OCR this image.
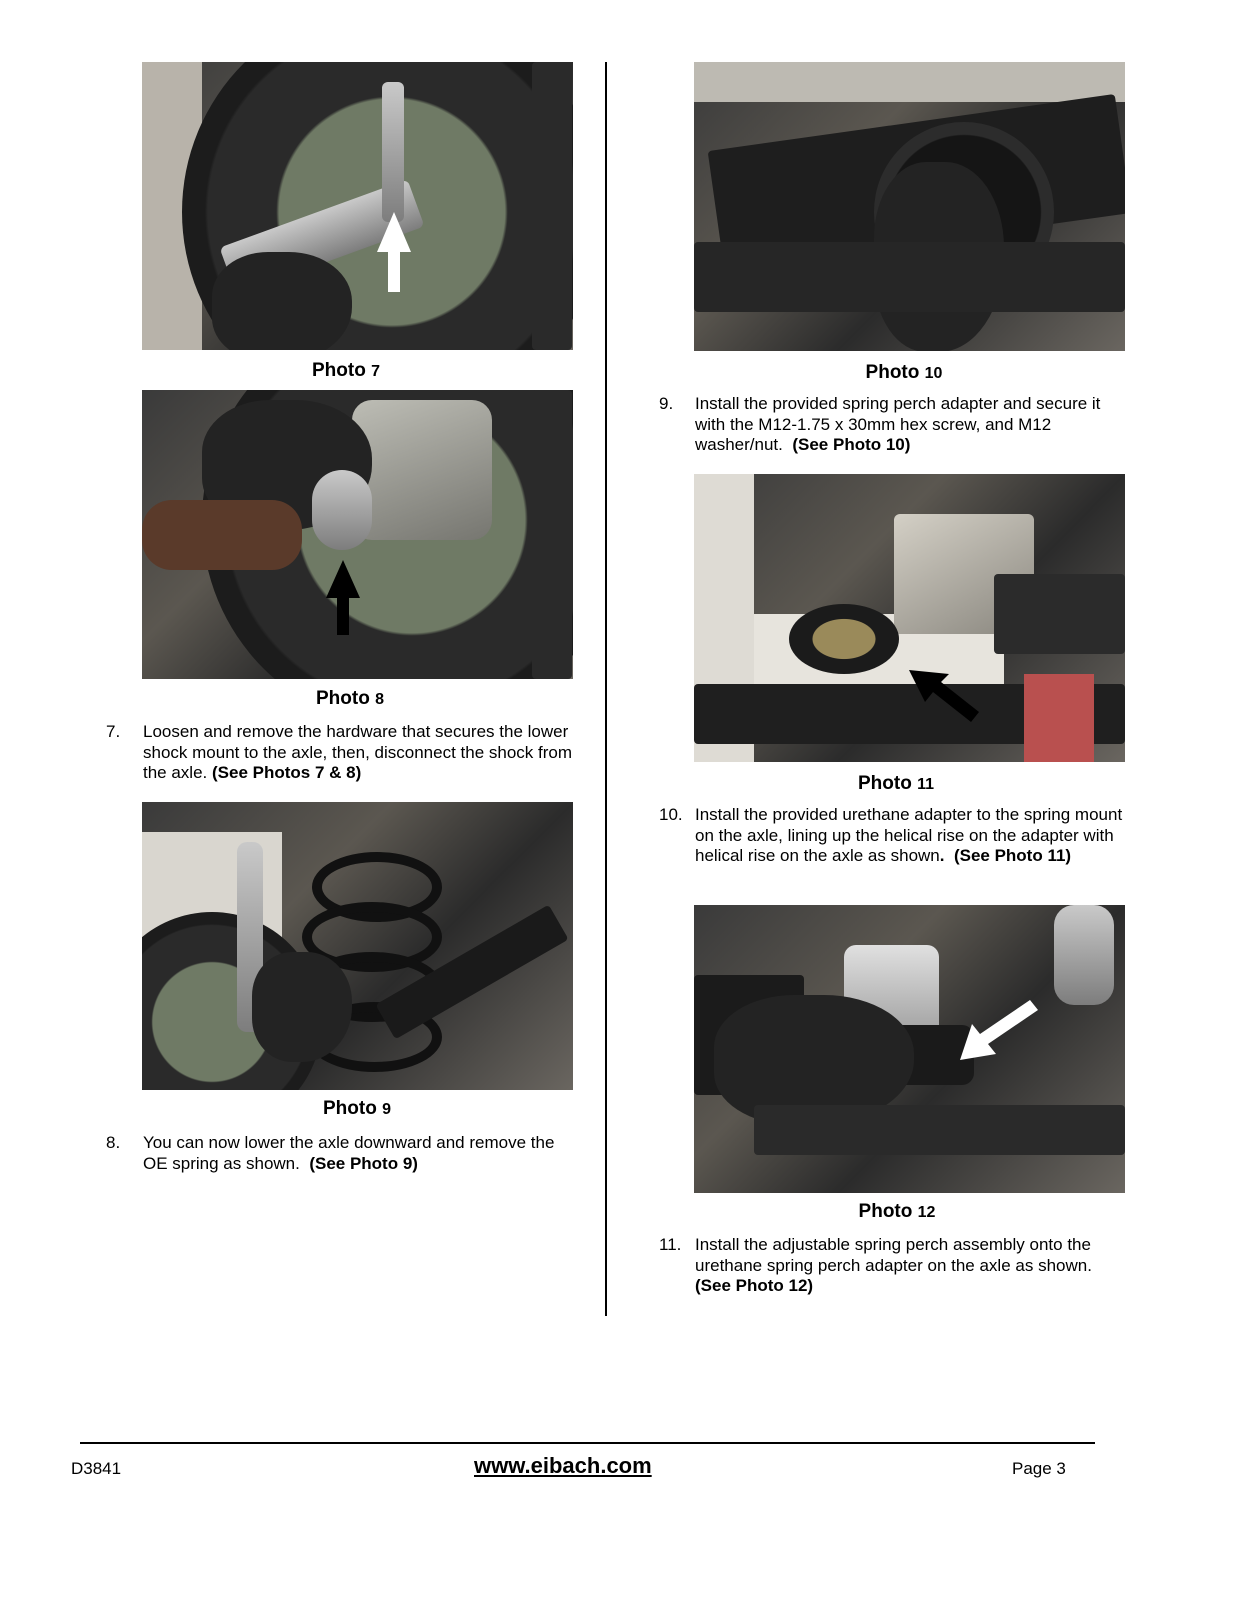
Photo 7
Photo 8
7. Loosen and remove the hardware that secures the lower shock mount to the axle, then, disconnect the shock from the axle. (See Photos 7 & 8)
Photo 9
8. You can now lower the axle downward and remove the OE spring as shown. (See Photo 9)
Photo 10
9. Install the provided spring perch adapter and secure it with the M12-1.75 x 30mm hex screw, and M12 washer/nut. (See Photo 10)
Photo 11
10. Install the provided urethane adapter to the spring mount on the axle, lining up the helical rise on the adapter with helical rise on the axle as shown. (See Photo 11)
Photo 12
11. Install the adjustable spring perch assembly onto the urethane spring perch adapter on the axle as shown. (See Photo 12)
D3841	www.eibach.com	Page 3
